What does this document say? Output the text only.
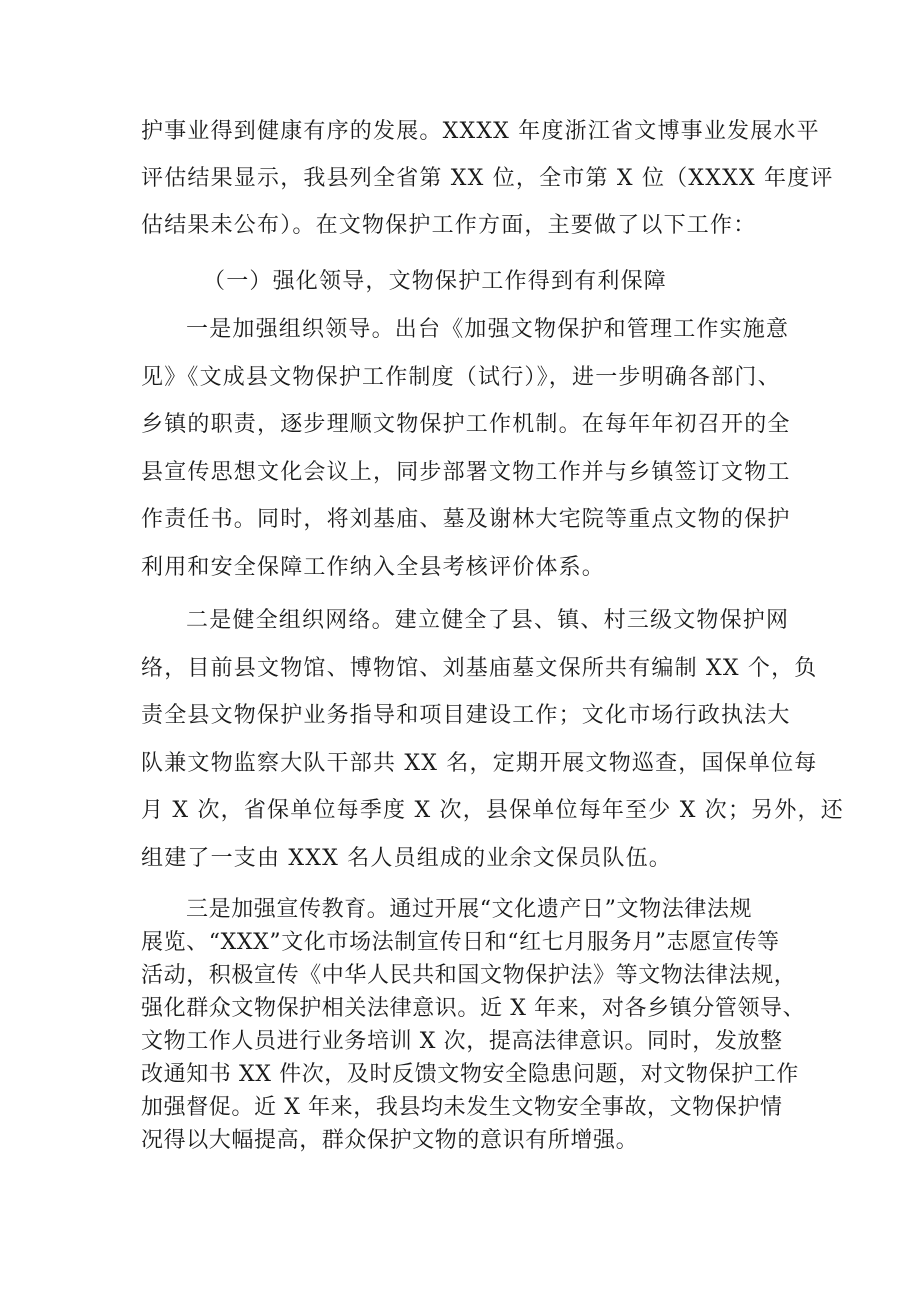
护事业得到健康有序的发展。XXXX 年度浙江省文博事业发展水平
评估结果显示，我县列全省第 XX 位，全市第 X 位（XXXX 年度评
估结果未公布）。在文物保护工作方面，主要做了以下工作：
（一）强化领导，文物保护工作得到有利保障
一是加强组织领导。出台《加强文物保护和管理工作实施意
见》《文成县文物保护工作制度（试行）》，进一步明确各部门、
乡镇的职责，逐步理顺文物保护工作机制。在每年年初召开的全
县宣传思想文化会议上，同步部署文物工作并与乡镇签订文物工
作责任书。同时，将刘基庙、墓及谢林大宅院等重点文物的保护
利用和安全保障工作纳入全县考核评价体系。
二是健全组织网络。建立健全了县、镇、村三级文物保护网
络，目前县文物馆、博物馆、刘基庙墓文保所共有编制 XX 个，负
责全县文物保护业务指导和项目建设工作；文化市场行政执法大
队兼文物监察大队干部共 XX 名，定期开展文物巡查，国保单位每
月 X 次，省保单位每季度 X 次，县保单位每年至少 X 次；另外，还
组建了一支由 XXX 名人员组成的业余文保员队伍。
三是加强宣传教育。通过开展“文化遗产日”文物法律法规
展览、“XXX”文化市场法制宣传日和“红七月服务月”志愿宣传等
活动，积极宣传《中华人民共和国文物保护法》等文物法律法规，
强化群众文物保护相关法律意识。近 X 年来，对各乡镇分管领导、
文物工作人员进行业务培训 X 次，提高法律意识。同时，发放整
改通知书 XX 件次，及时反馈文物安全隐患问题，对文物保护工作
加强督促。近 X 年来，我县均未发生文物安全事故，文物保护情
况得以大幅提高，群众保护文物的意识有所增强。
